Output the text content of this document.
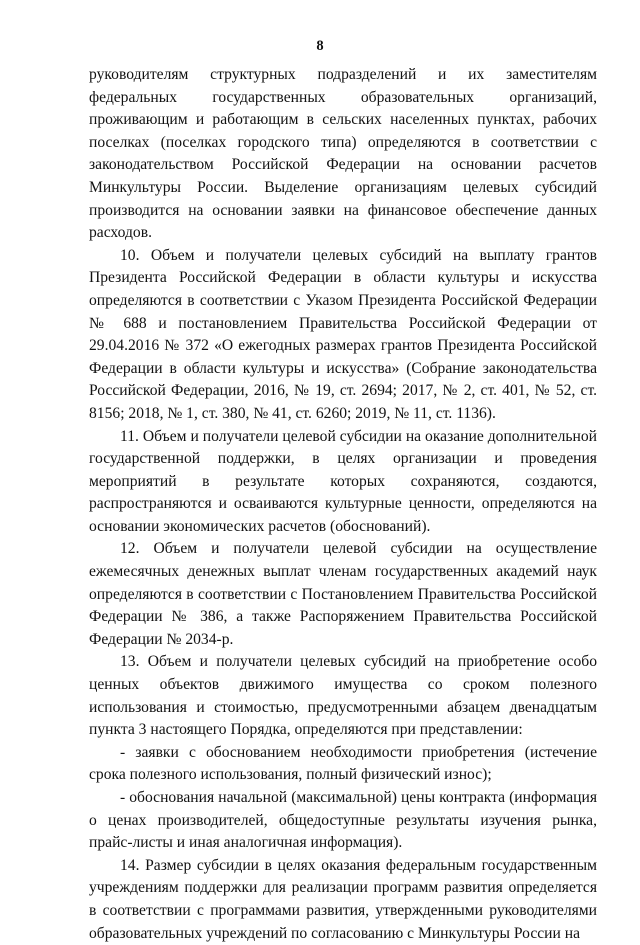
8

руководителям структурных подразделений и их заместителям федеральных государственных образовательных организаций, проживающим и работающим в сельских населенных пунктах, рабочих поселках (поселках городского типа) определяются в соответствии с законодательством Российской Федерации на основании расчетов Минкультуры России. Выделение организациям целевых субсидий производится на основании заявки на финансовое обеспечение данных расходов.

10. Объем и получатели целевых субсидий на выплату грантов Президента Российской Федерации в области культуры и искусства определяются в соответствии с Указом Президента Российской Федерации № 688 и постановлением Правительства Российской Федерации от 29.04.2016 № 372 «О ежегодных размерах грантов Президента Российской Федерации в области культуры и искусства» (Собрание законодательства Российской Федерации, 2016, № 19, ст. 2694; 2017, № 2, ст. 401, № 52, ст. 8156; 2018, № 1, ст. 380, № 41, ст. 6260; 2019, № 11, ст. 1136).

11. Объем и получатели целевой субсидии на оказание дополнительной государственной поддержки, в целях организации и проведения мероприятий в результате которых сохраняются, создаются, распространяются и осваиваются культурные ценности, определяются на основании экономических расчетов (обоснований).

12. Объем и получатели целевой субсидии на осуществление ежемесячных денежных выплат членам государственных академий наук определяются в соответствии с Постановлением Правительства Российской Федерации № 386, а также Распоряжением Правительства Российской Федерации № 2034-р.

13. Объем и получатели целевых субсидий на приобретение особо ценных объектов движимого имущества со сроком полезного использования и стоимостью, предусмотренными абзацем двенадцатым пункта 3 настоящего Порядка, определяются при представлении:

- заявки с обоснованием необходимости приобретения (истечение срока полезного использования, полный физический износ);

- обоснования начальной (максимальной) цены контракта (информация о ценах производителей, общедоступные результаты изучения рынка, прайс-листы и иная аналогичная информация).

14. Размер субсидии в целях оказания федеральным государственным учреждениям поддержки для реализации программ развития определяется в соответствии с программами развития, утвержденными руководителями образовательных учреждений по согласованию с Минкультуры России на
